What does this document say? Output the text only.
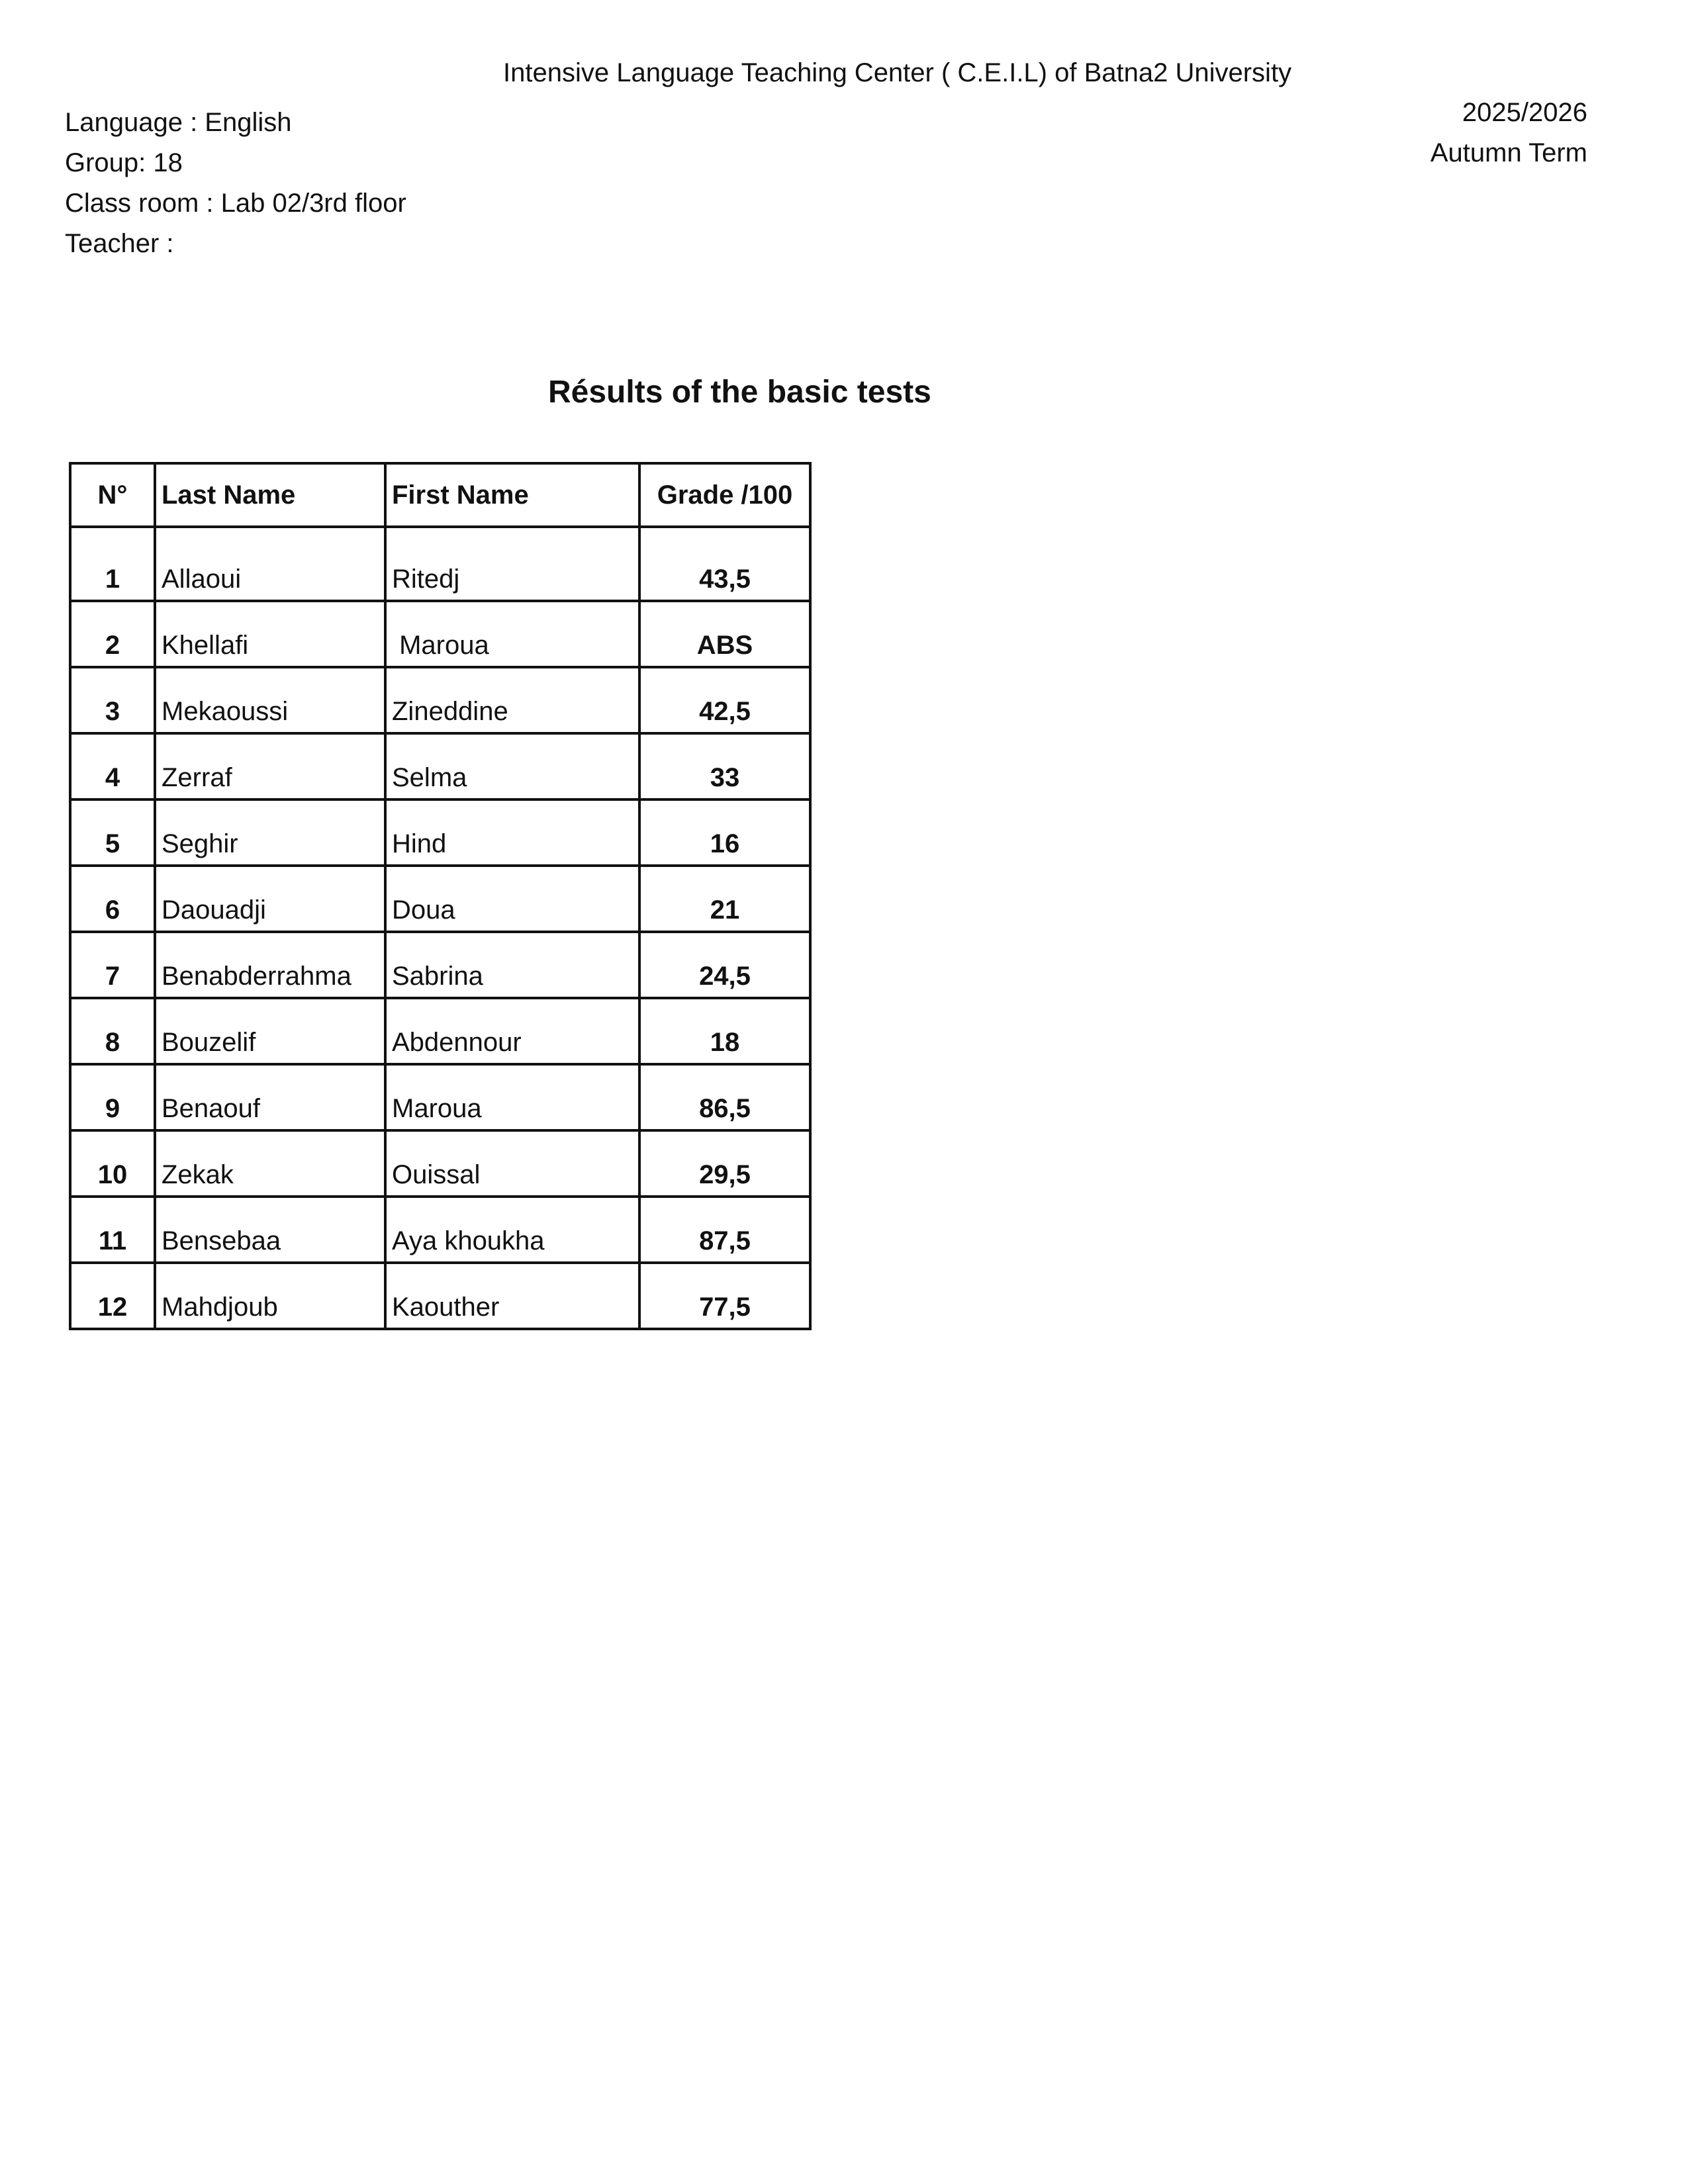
Intensive Language Teaching Center ( C.E.I.L) of Batna2 University
Language : English
Group: 18
Class room : Lab 02/3rd floor
Teacher :
2025/2026
Autumn Term
Résults of the basic tests
N°	Last Name	First Name	Grade /100
1	Allaoui	Ritedj	43,5
2	Khellafi	Maroua	ABS
3	Mekaoussi	Zineddine	42,5
4	Zerraf	Selma	33
5	Seghir	Hind	16
6	Daouadji	Doua	21
7	Benabderrahma	Sabrina	24,5
8	Bouzelif	Abdennour	18
9	Benaouf	Maroua	86,5
10	Zekak	Ouissal	29,5
11	Bensebaa	Aya khoukha	87,5
12	Mahdjoub	Kaouther	77,5
